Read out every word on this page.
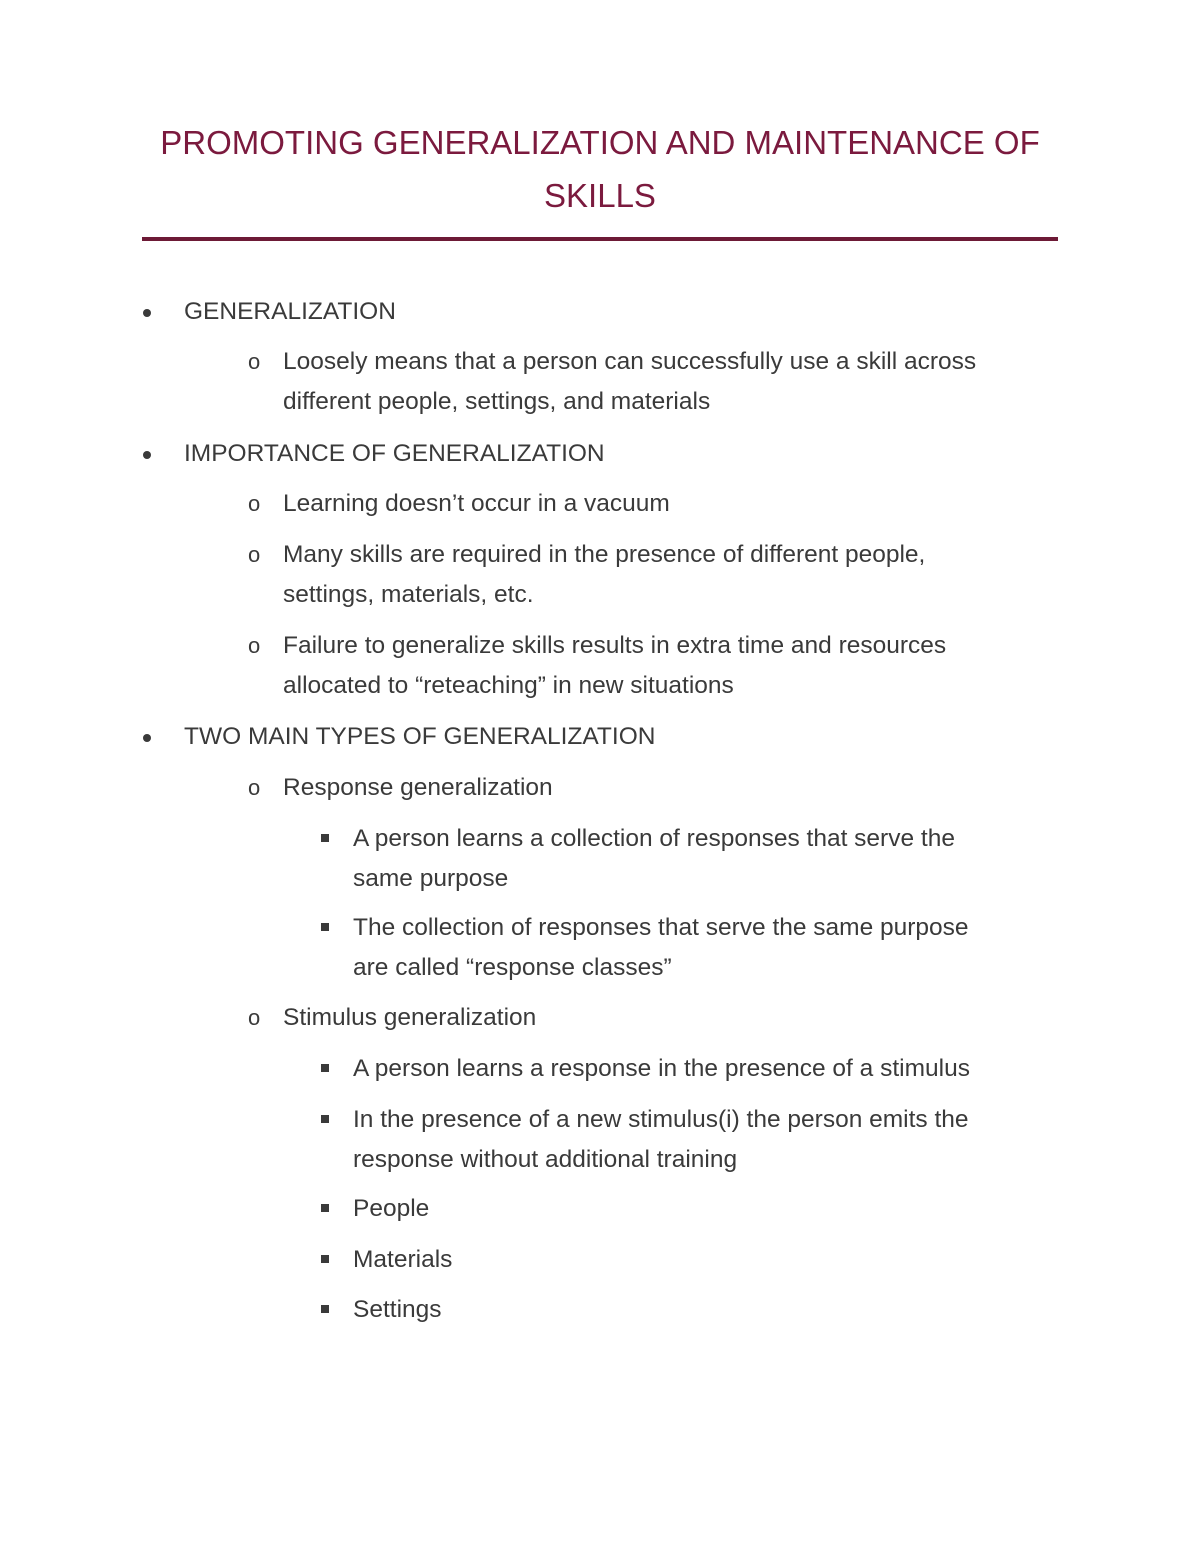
PROMOTING GENERALIZATION AND MAINTENANCE OF
SKILLS
GENERALIZATION
o Loosely means that a person can successfully use a skill across
different people, settings, and materials
IMPORTANCE OF GENERALIZATION
o Learning doesn’t occur in a vacuum
o Many skills are required in the presence of different people,
settings, materials, etc.
o Failure to generalize skills results in extra time and resources
allocated to “reteaching” in new situations
TWO MAIN TYPES OF GENERALIZATION
o Response generalization
A person learns a collection of responses that serve the
same purpose
The collection of responses that serve the same purpose
are called “response classes”
o Stimulus generalization
A person learns a response in the presence of a stimulus
In the presence of a new stimulus(i) the person emits the
response without additional training
People
Materials
Settings
